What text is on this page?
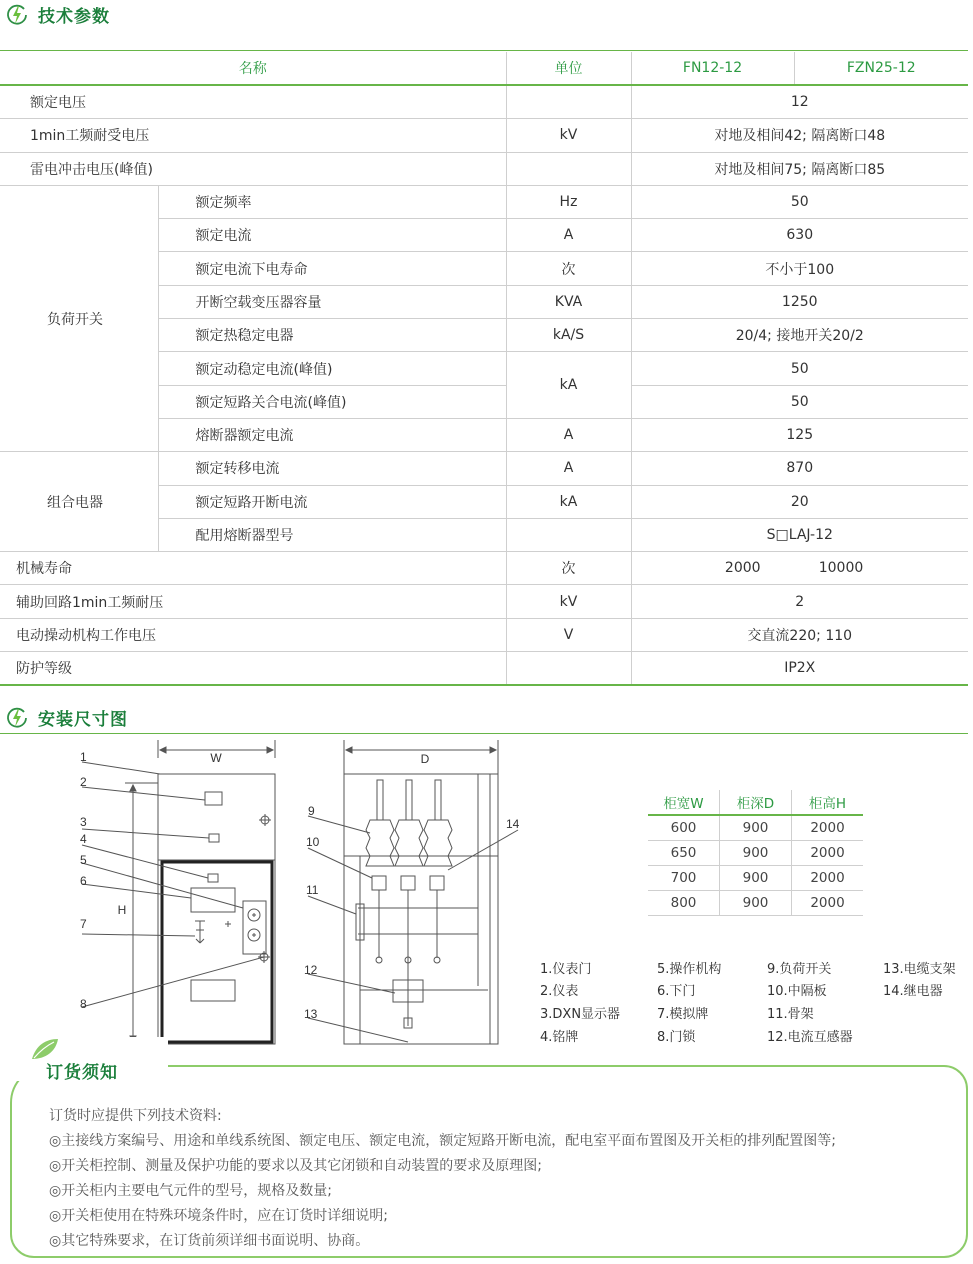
技术参数
名称		单位	FN12-12	FZN25-12
额定电压			12	
1min工频耐受电压		kV	对地及相间42; 隔离断口48	
雷电冲击电压(峰值)			对地及相间75; 隔离断口85	
负荷开关	额定频率	Hz	50	
	额定电流	A	630	
	额定电流下电寿命	次	不小于100	
	开断空载变压器容量	KVA	1250	
	额定热稳定电器	kA/S	20/4; 接地开关20/2	
	额定动稳定电流(峰值)	kA	50	
	额定短路关合电流(峰值)		50	
	熔断器额定电流	A	125	
组合电器	额定转移电流	A	870	
	额定短路开断电流	kA	20	
	配用熔断器型号		S□LAJ-12	
机械寿命		次	2000	10000
辅助回路1min工频耐压		kV	2	
电动操动机构工作电压		V	交直流220; 110	
防护等级			IP2X	
安装尺寸图
W
H
1
2
3
4
5
6
7
8
D
9
10
11
12
13
14
柜宽W	柜深D	柜高H
600	900	2000
650	900	2000
700	900	2000
800	900	2000
1.仪表门
2.仪表
3.DXN显示器
4.铭牌
5.操作机构
6.下门
7.模拟牌
8.门锁
9.负荷开关
10.中隔板
11.骨架
12.电流互感器
13.电缆支架
14.继电器
订货须知
订货时应提供下列技术资料:
◎主接线方案编号、用途和单线系统图、额定电压、额定电流，额定短路开断电流，配电室平面布置图及开关柜的排列配置图等;
◎开关柜控制、测量及保护功能的要求以及其它闭锁和自动装置的要求及原理图;
◎开关柜内主要电气元件的型号，规格及数量;
◎开关柜使用在特殊环境条件时，应在订货时详细说明;
◎其它特殊要求，在订货前须详细书面说明、协商。
